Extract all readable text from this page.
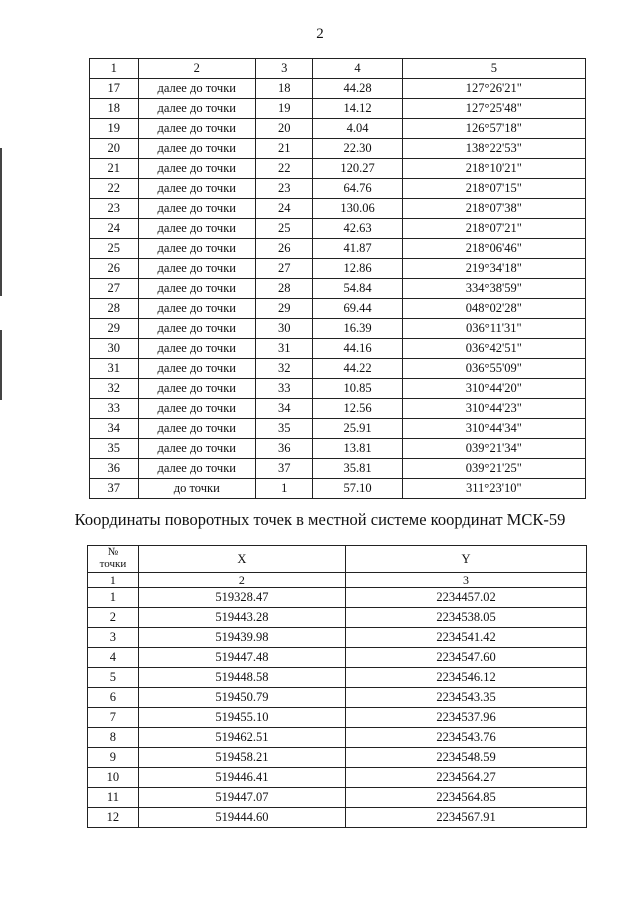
2
1	2	3	4	5
17	далее до точки	18	44.28	127°26'21"
18	далее до точки	19	14.12	127°25'48"
19	далее до точки	20	4.04	126°57'18"
20	далее до точки	21	22.30	138°22'53"
21	далее до точки	22	120.27	218°10'21"
22	далее до точки	23	64.76	218°07'15"
23	далее до точки	24	130.06	218°07'38"
24	далее до точки	25	42.63	218°07'21"
25	далее до точки	26	41.87	218°06'46"
26	далее до точки	27	12.86	219°34'18"
27	далее до точки	28	54.84	334°38'59"
28	далее до точки	29	69.44	048°02'28"
29	далее до точки	30	16.39	036°11'31"
30	далее до точки	31	44.16	036°42'51"
31	далее до точки	32	44.22	036°55'09"
32	далее до точки	33	10.85	310°44'20"
33	далее до точки	34	12.56	310°44'23"
34	далее до точки	35	25.91	310°44'34"
35	далее до точки	36	13.81	039°21'34"
36	далее до точки	37	35.81	039°21'25"
37	до точки	1	57.10	311°23'10"
Координаты поворотных точек в местной системе координат МСК-59
№
точки	X	Y
1	2	3
1	519328.47	2234457.02
2	519443.28	2234538.05
3	519439.98	2234541.42
4	519447.48	2234547.60
5	519448.58	2234546.12
6	519450.79	2234543.35
7	519455.10	2234537.96
8	519462.51	2234543.76
9	519458.21	2234548.59
10	519446.41	2234564.27
11	519447.07	2234564.85
12	519444.60	2234567.91
